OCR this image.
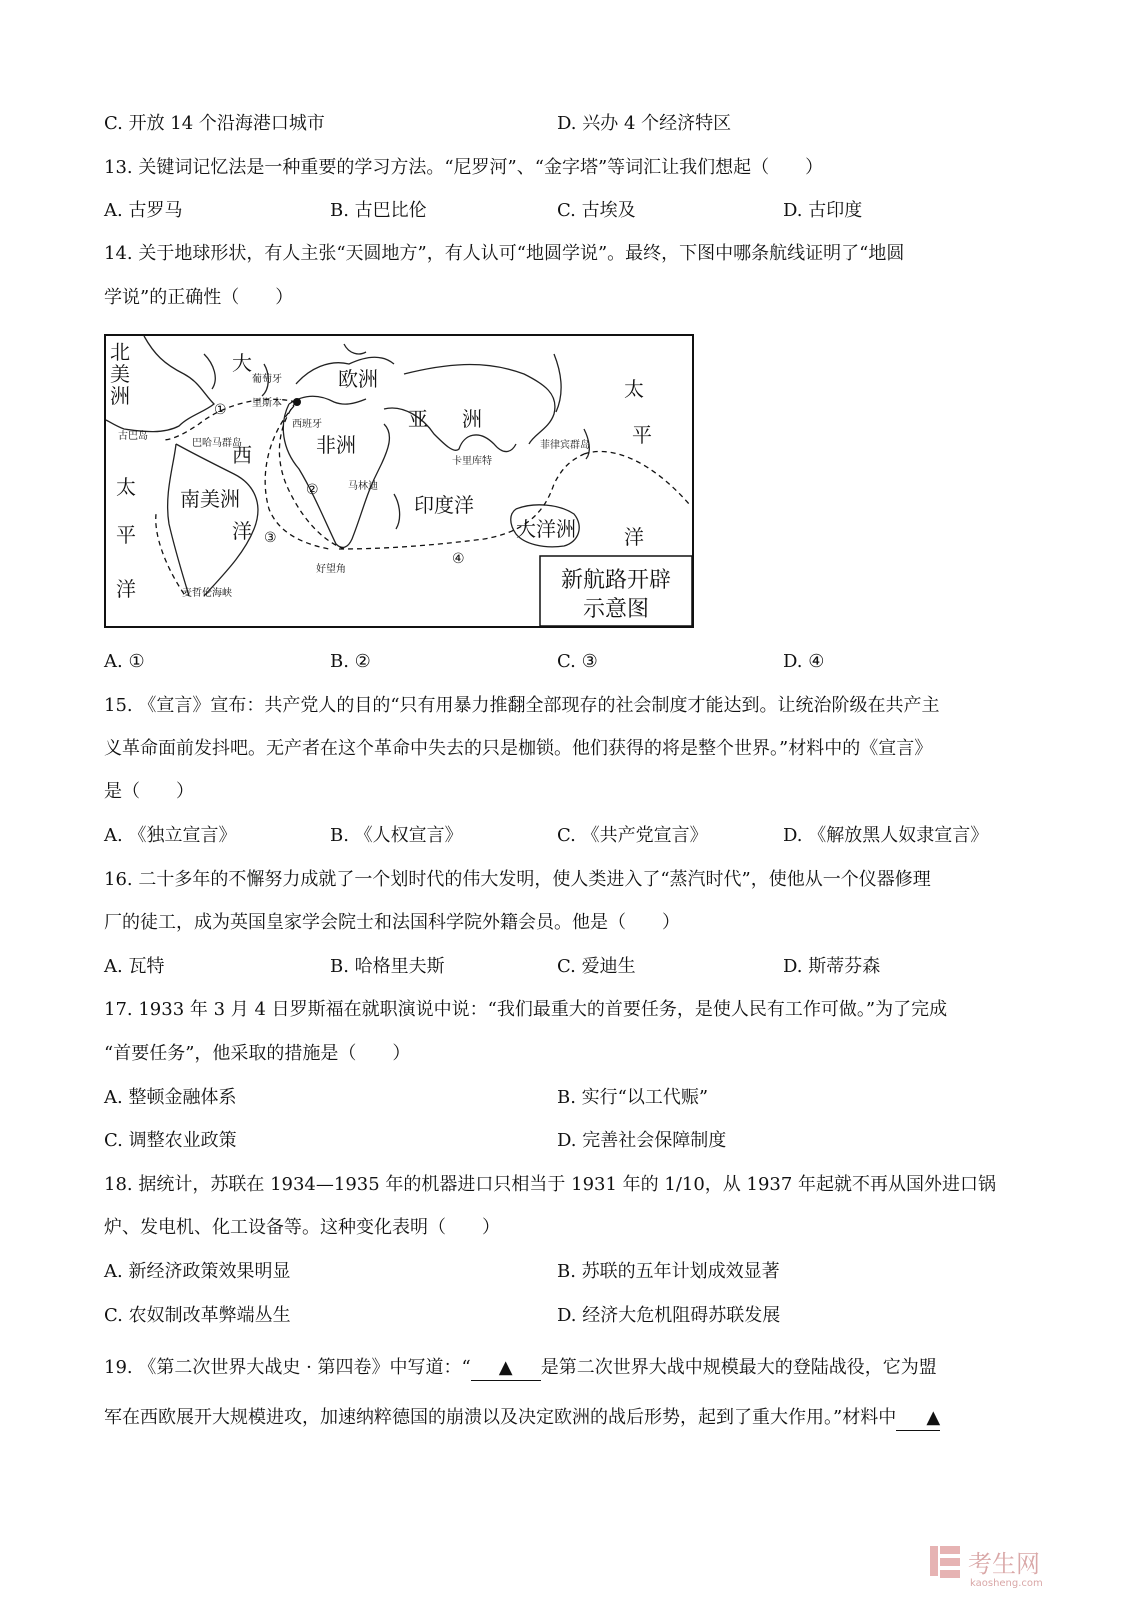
C. 开放 14 个沿海港口城市	D. 兴办 4 个经济特区
13. 关键词记忆法是一种重要的学习方法。“尼罗河”、“金字塔”等词汇让我们想起（　　）
A. 古罗马	B. 古巴比伦	C. 古埃及	D. 古印度
14. 关于地球形状，有人主张“天圆地方”，有人认可“地圆学说”。最终，下图中哪条航线证明了“地圆
学说”的正确性（　　）
北
美
洲
大
西
洋
欧洲
亚 洲
非洲
南美洲	印度洋
大洋洲
太
平
洋
太
平
洋
葡萄牙
里斯本
西班牙
古巴岛
巴哈马群岛
卡里库特
马林迪
好望角
麦哲伦海峡
菲律宾群岛
①
②
③
④
新航路开辟
示意图
A. ①	B. ②	C. ③	D. ④
15. 《宣言》宣布：共产党人的目的“只有用暴力推翻全部现存的社会制度才能达到。让统治阶级在共产主
义革命面前发抖吧。无产者在这个革命中失去的只是枷锁。他们获得的将是整个世界。”材料中的《宣言》
是（　　）
A. 《独立宣言》	B. 《人权宣言》	C. 《共产党宣言》	D. 《解放黑人奴隶宣言》
16. 二十多年的不懈努力成就了一个划时代的伟大发明，使人类进入了“蒸汽时代”，使他从一个仪器修理
厂的徒工，成为英国皇家学会院士和法国科学院外籍会员。他是（　　）
A. 瓦特	B. 哈格里夫斯	C. 爱迪生	D. 斯蒂芬森
17. 1933 年 3 月 4 日罗斯福在就职演说中说：“我们最重大的首要任务，是使人民有工作可做。”为了完成
“首要任务”，他采取的措施是（　　）
A. 整顿金融体系	B. 实行“以工代赈”
C. 调整农业政策	D. 完善社会保障制度
18. 据统计，苏联在 1934—1935 年的机器进口只相当于 1931 年的 1/10，从 1937 年起就不再从国外进口锅
炉、发电机、化工设备等。这种变化表明（　　）
A. 新经济政策效果明显	B. 苏联的五年计划成效显著
C. 农奴制改革弊端丛生	D. 经济大危机阻碍苏联发展
19. 《第二次世界大战史 · 第四卷》中写道：“ ▲ 是第二次世界大战中规模最大的登陆战役，它为盟
军在西欧展开大规模进攻，加速纳粹德国的崩溃以及决定欧洲的战后形势，起到了重大作用。”材料中 ▲
考生网
kaosheng.com
